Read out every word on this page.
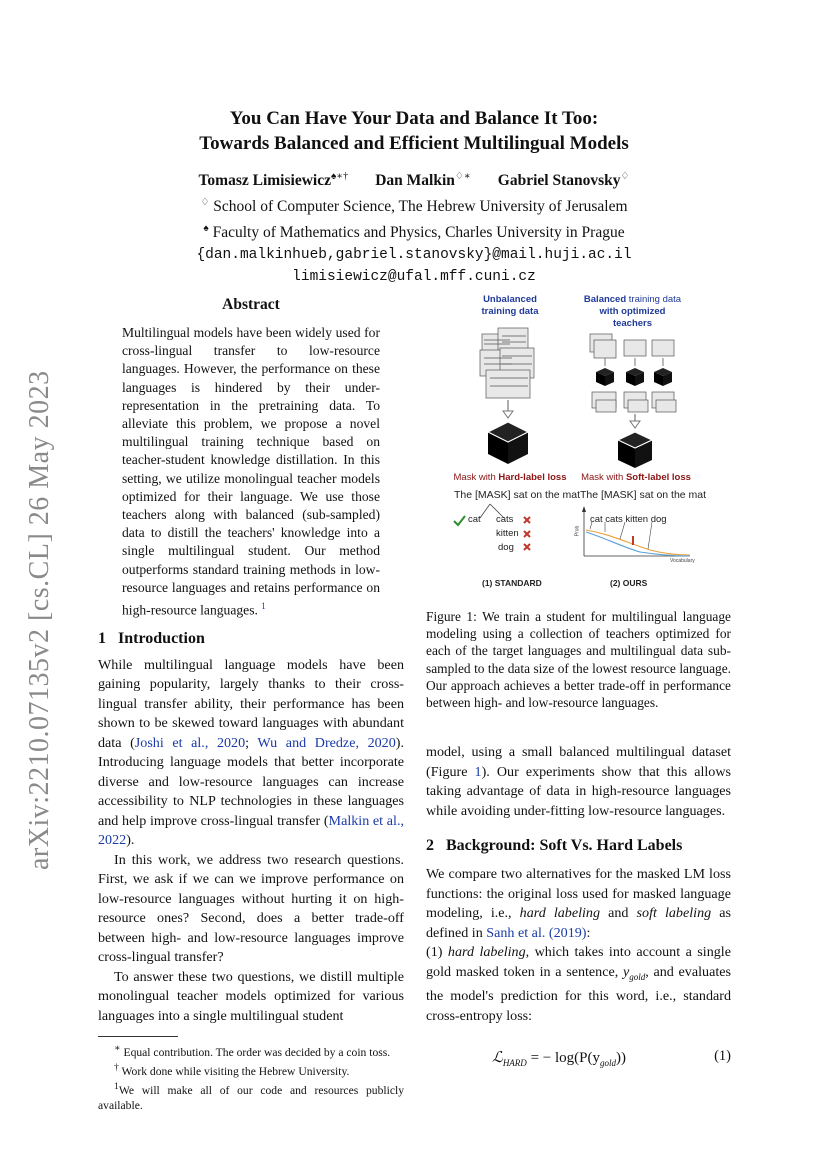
arXiv:2210.07135v2 [cs.CL] 26 May 2023
You Can Have Your Data and Balance It Too:
Towards Balanced and Efficient Multilingual Models
Tomasz Limisiewicz♠∗† Dan Malkin♢∗ Gabriel Stanovsky♢
♢ School of Computer Science, The Hebrew University of Jerusalem
♠ Faculty of Mathematics and Physics, Charles University in Prague
{dan.malkinhueb,gabriel.stanovsky}@mail.huji.ac.il
limisiewicz@ufal.mff.cuni.cz
Abstract
Multilingual models have been widely used for cross-lingual transfer to low-resource languages. However, the performance on these languages is hindered by their under-representation in the pretraining data. To alleviate this problem, we propose a novel multilingual training technique based on teacher-student knowledge distillation. In this setting, we utilize monolingual teacher models optimized for their language. We use those teachers along with balanced (sub-sampled) data to distill the teachers' knowledge into a single multilingual student. Our method outperforms standard training methods in low-resource languages and retains performance on high-resource languages. $^1$
1 Introduction

While multilingual language models have been gaining popularity, largely thanks to their cross-lingual transfer ability, their performance has been shown to be skewed toward languages with abundant data (Joshi et al., 2020; Wu and Dredze, 2020). Introducing language models that better incorporate diverse and low-resource languages can increase accessibility to NLP technologies in these languages and help improve cross-lingual transfer (Malkin et al., 2022).

In this work, we address two research questions. First, we ask if we can we improve performance on low-resource languages without hurting it on high-resource ones? Second, does a better trade-off between high- and low-resource languages improve cross-lingual transfer?

To answer these two questions, we distill multiple monolingual teacher models optimized for various languages into a single multilingual student

∗ Equal contribution. The order was decided by a coin toss.
† Work done while visiting the Hebrew University.
$^1$We will make all of our code and resources publicly available.
Unbalanced training data
Balanced training data with optimized teachers
Mask with Hard-label loss	Mask with Soft-label loss
The [MASK] sat on the mat The [MASK] sat on the mat
cat cats
kitten
dog
cat cats kitten dog
Prob
Vocabulary
(1) STANDARD	(2) OURS
Figure 1: We train a student for multilingual language modeling using a collection of teachers optimized for each of the target languages and multilingual data sub-sampled to the data size of the lowest resource language. Our approach achieves a better trade-off in performance between high- and low-resource languages.
model, using a small balanced multilingual dataset (Figure 1). Our experiments show that this allows taking advantage of data in high-resource languages while avoiding under-fitting low-resource languages.
2 Background: Soft Vs. Hard Labels

We compare two alternatives for the masked LM loss functions: the original loss used for masked language modeling, i.e., hard labeling and soft labeling as defined in Sanh et al. (2019):

(1) hard labeling, which takes into account a single gold masked token in a sentence, $y_{gold}$, and evaluates the model's prediction for this word, i.e., standard cross-entropy loss:

ℒ$_{HARD}$ = − $\log(P(y_{gold}))$	(1)
